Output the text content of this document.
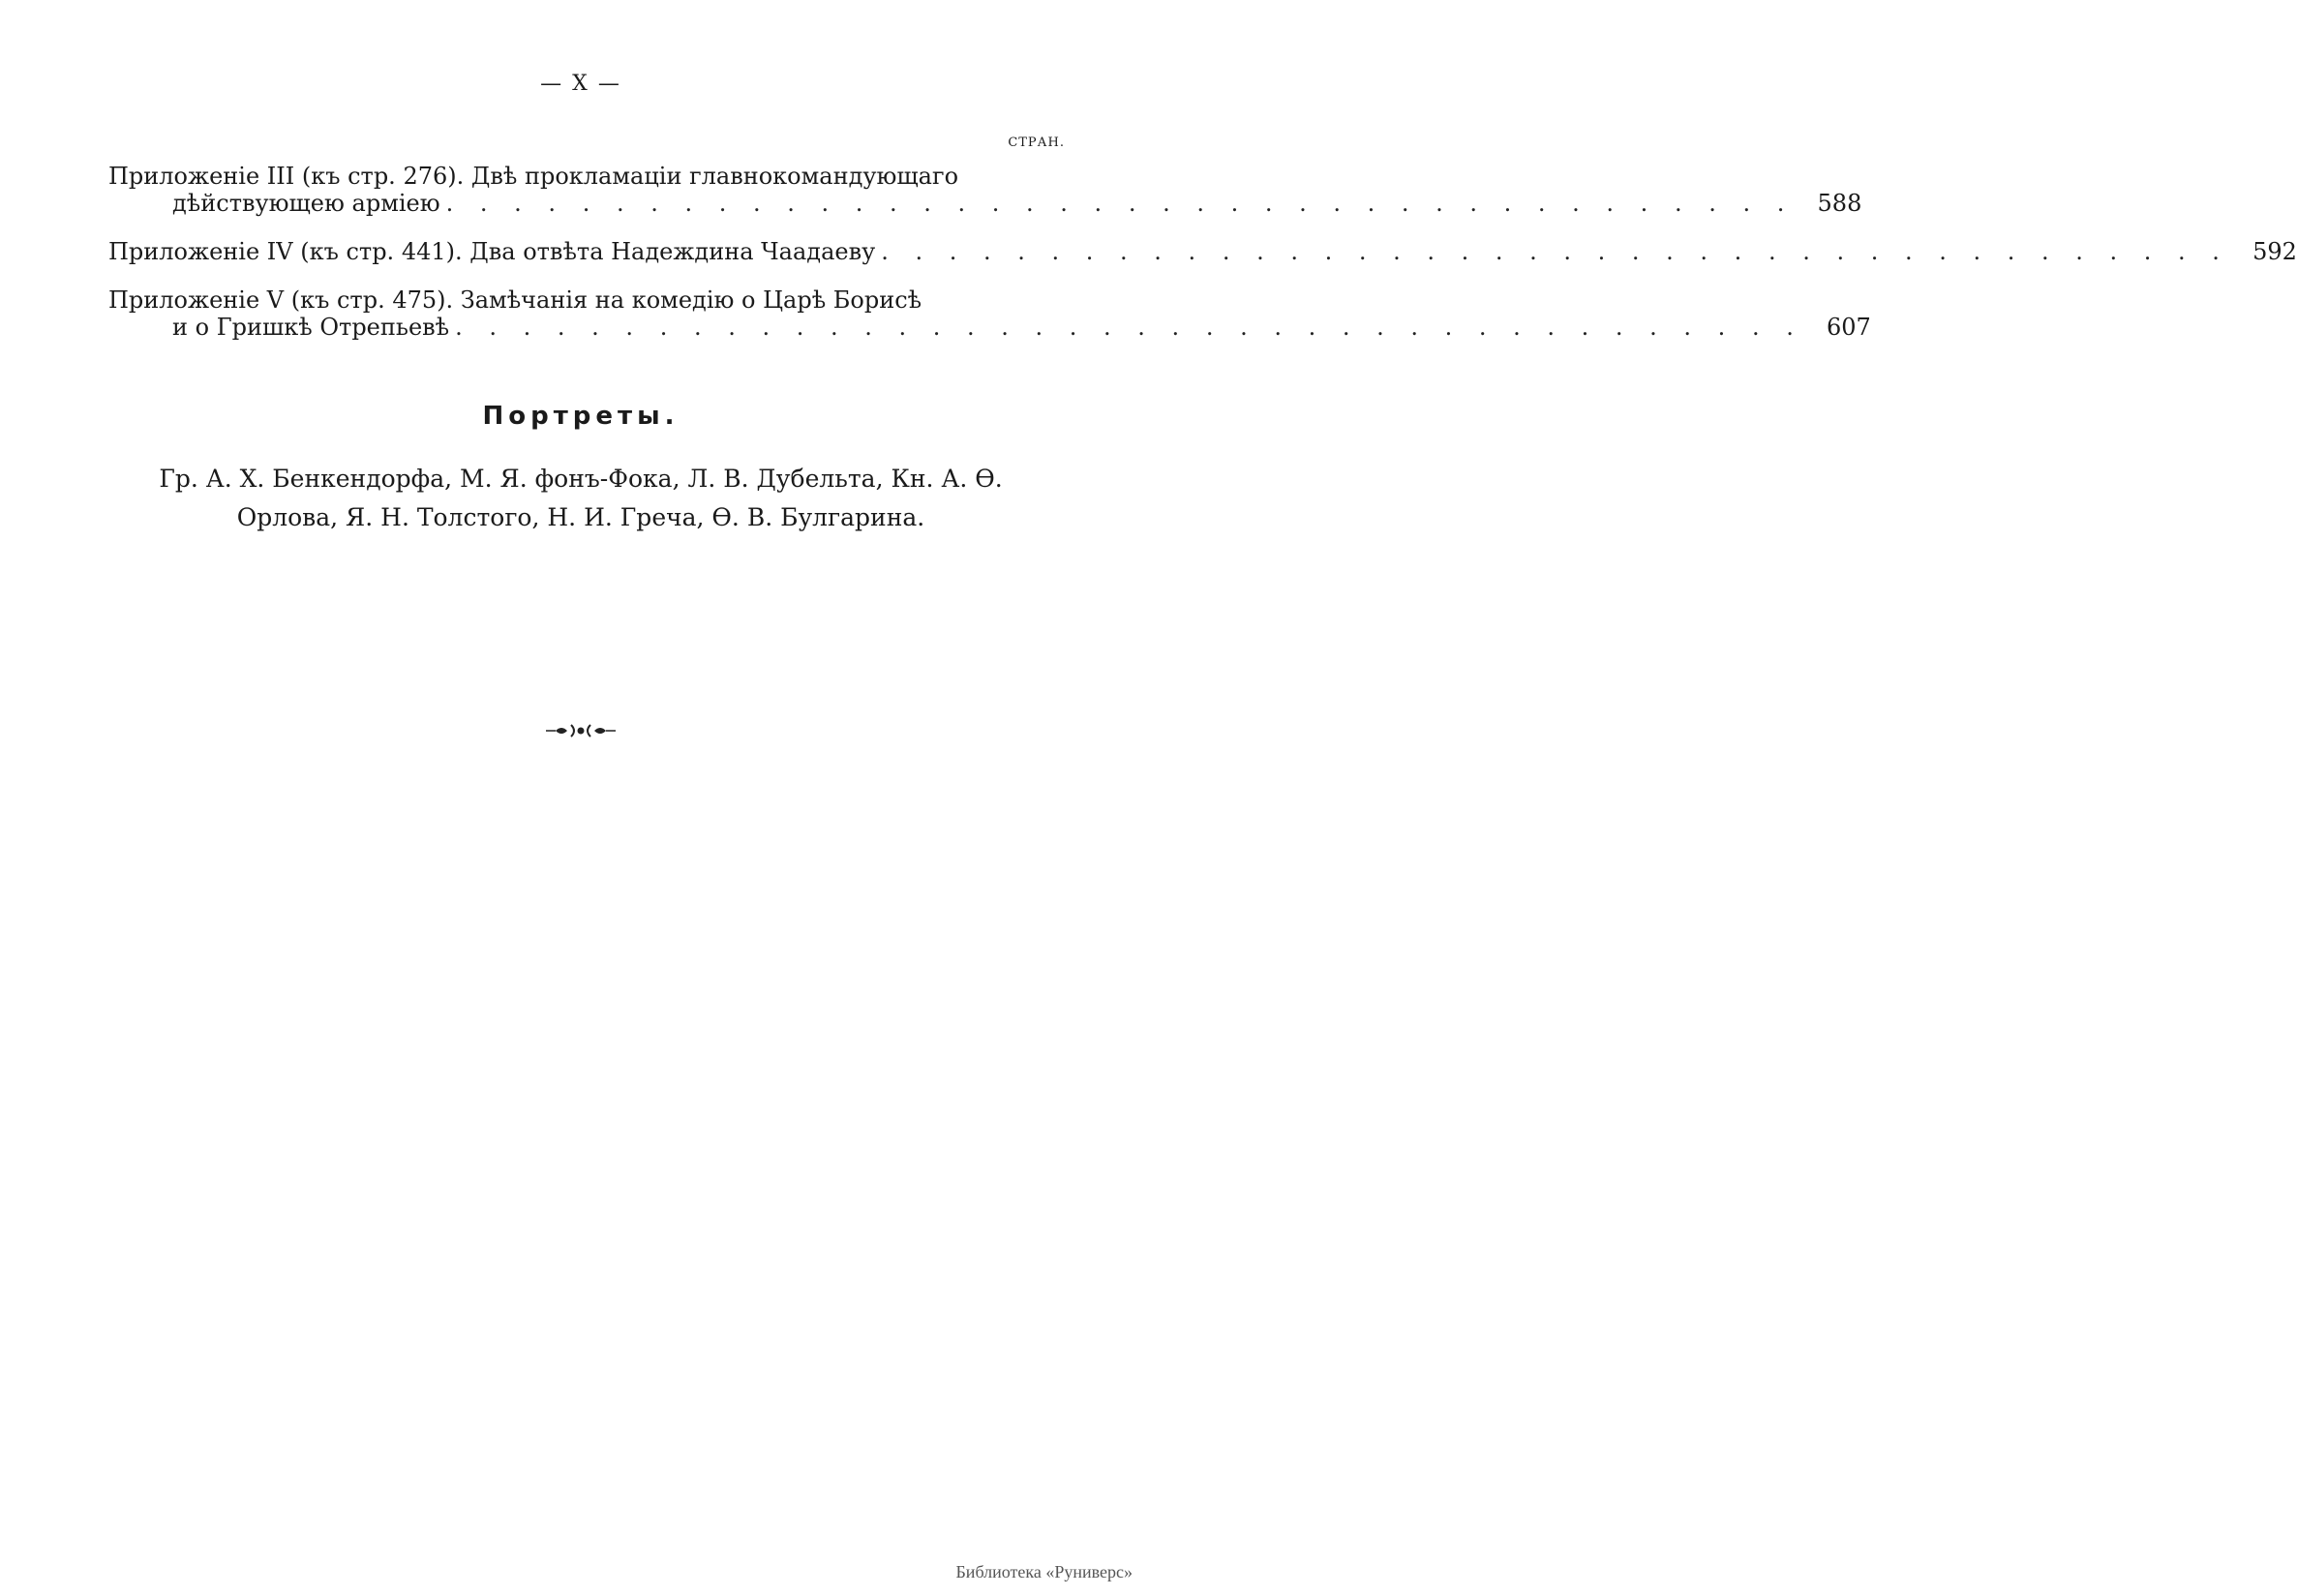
— X —
СТРАН.
Приложенiе III (къ стр. 276). Двѣ прокламацiи главнокомандующаго
дѣйствующею армiею . . . . . . . . . . . . . . . . . . . . . . . . . . . . . . . . . . . . . . . .	588
Приложенiе IV (къ стр. 441). Два отвѣта Надеждина Чаадаеву . . . . . . . . . . . . . . . . . . . . . . . . . . . . . . . . . . . . . . . .	592
Приложенiе V (къ стр. 475). Замѣчанiя на комедiю о Царѣ Борисѣ
и о Гришкѣ Отрепьевѣ . . . . . . . . . . . . . . . . . . . . . . . . . . . . . . . . . . . . . . . .	607
Портреты.
Гр. А. Х. Бенкендорфа, М. Я. фонъ-Фока, Л. В. Дубельта, Кн. А. Ѳ.
Орлова, Я. Н. Толстого, Н. И. Греча, Ѳ. В. Булгарина.
Библиотека «Руниверс»
